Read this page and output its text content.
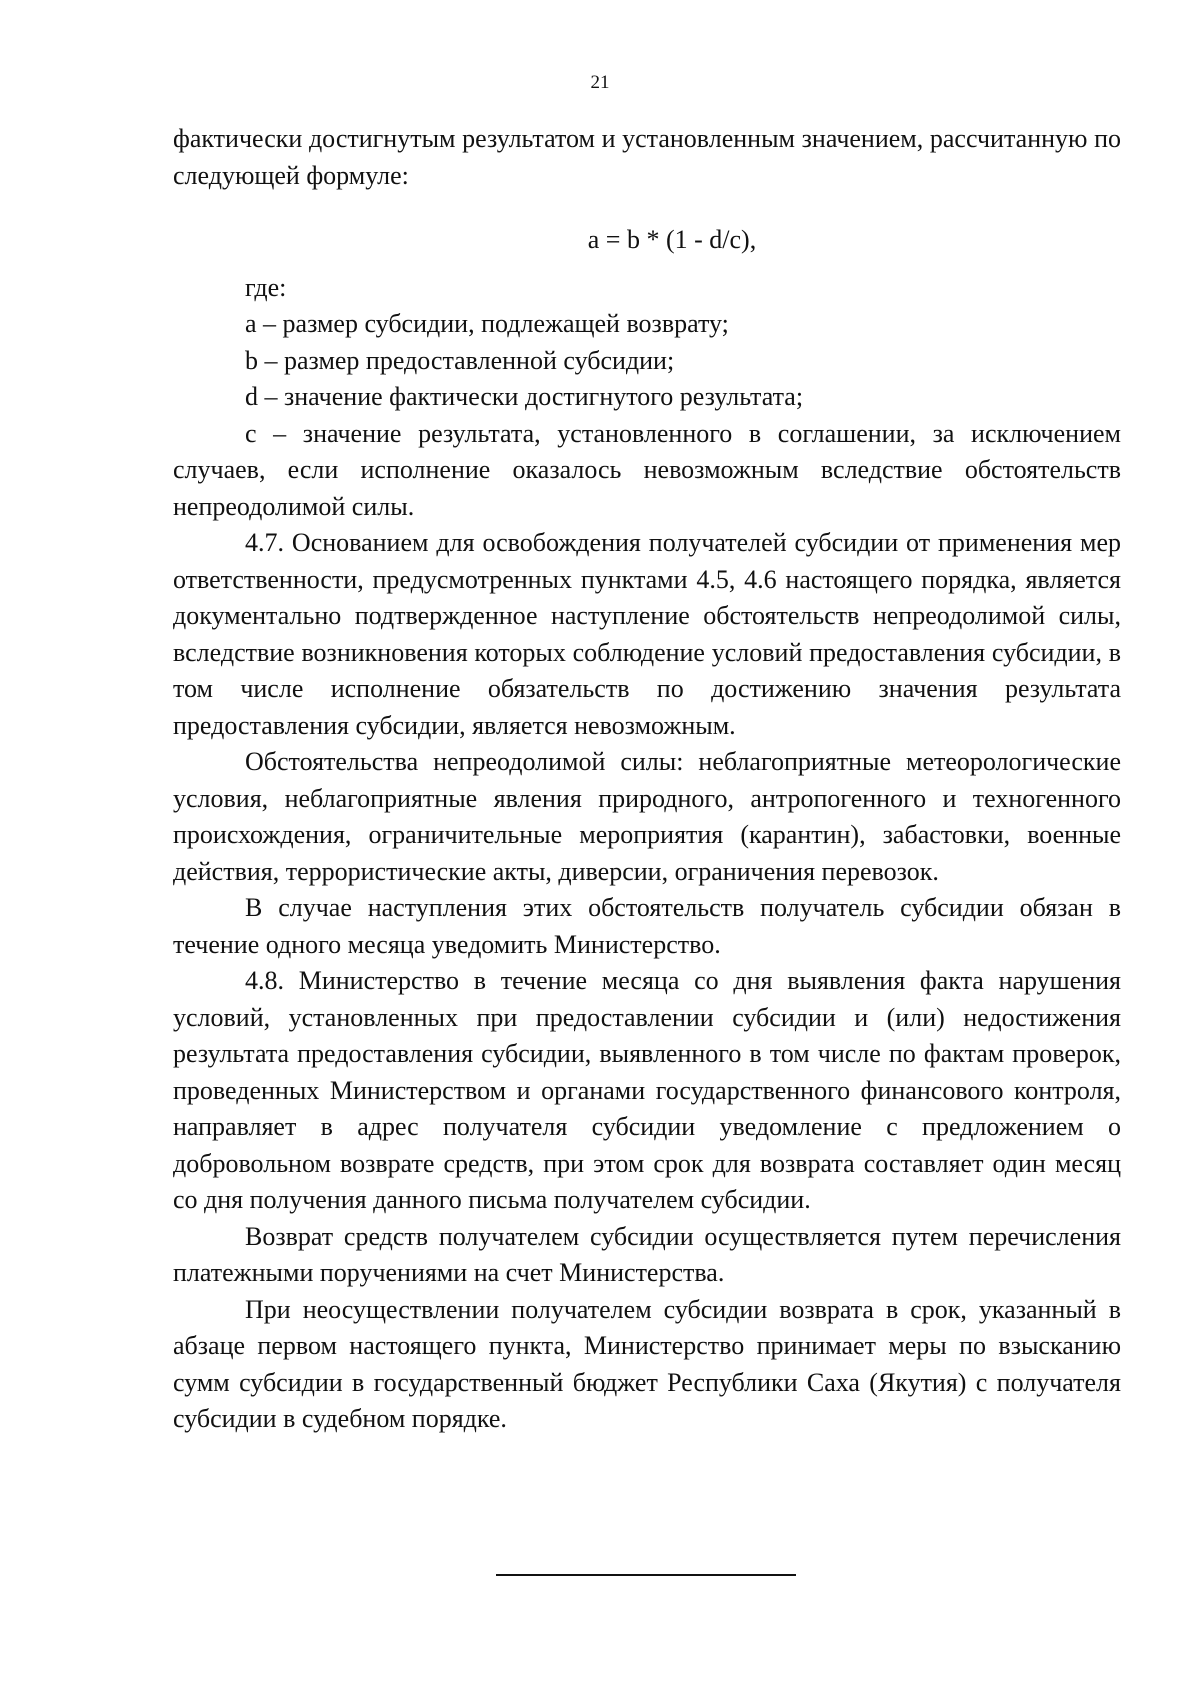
21

фактически достигнутым результатом и установленным значением, рассчитанную по следующей формуле:

a = b * (1 - d/c),

где:

а – размер субсидии, подлежащей возврату;

b – размер предоставленной субсидии;

d – значение фактически достигнутого результата;

с – значение результата, установленного в соглашении, за исключением случаев, если исполнение оказалось невозможным вследствие обстоятельств непреодолимой силы.

4.7. Основанием для освобождения получателей субсидии от применения мер ответственности, предусмотренных пунктами 4.5, 4.6 настоящего порядка, является документально подтвержденное наступление обстоятельств непреодолимой силы, вследствие возникновения которых соблюдение условий предоставления субсидии, в том числе исполнение обязательств по достижению значения результата предоставления субсидии, является невозможным.

Обстоятельства непреодолимой силы: неблагоприятные метеорологические условия, неблагоприятные явления природного, антропогенного и техногенного происхождения, ограничительные мероприятия (карантин), забастовки, военные действия, террористические акты, диверсии, ограничения перевозок.

В случае наступления этих обстоятельств получатель субсидии обязан в течение одного месяца уведомить Министерство.

4.8. Министерство в течение месяца со дня выявления факта нарушения условий, установленных при предоставлении субсидии и (или) недостижения результата предоставления субсидии, выявленного в том числе по фактам проверок, проведенных Министерством и органами государственного финансового контроля, направляет в адрес получателя субсидии уведомление с предложением о добровольном возврате средств, при этом срок для возврата составляет один месяц со дня получения данного письма получателем субсидии.

Возврат средств получателем субсидии осуществляется путем перечисления платежными поручениями на счет Министерства.

При неосуществлении получателем субсидии возврата в срок, указанный в абзаце первом настоящего пункта, Министерство принимает меры по взысканию сумм субсидии в государственный бюджет Республики Саха (Якутия) с получателя субсидии в судебном порядке.
